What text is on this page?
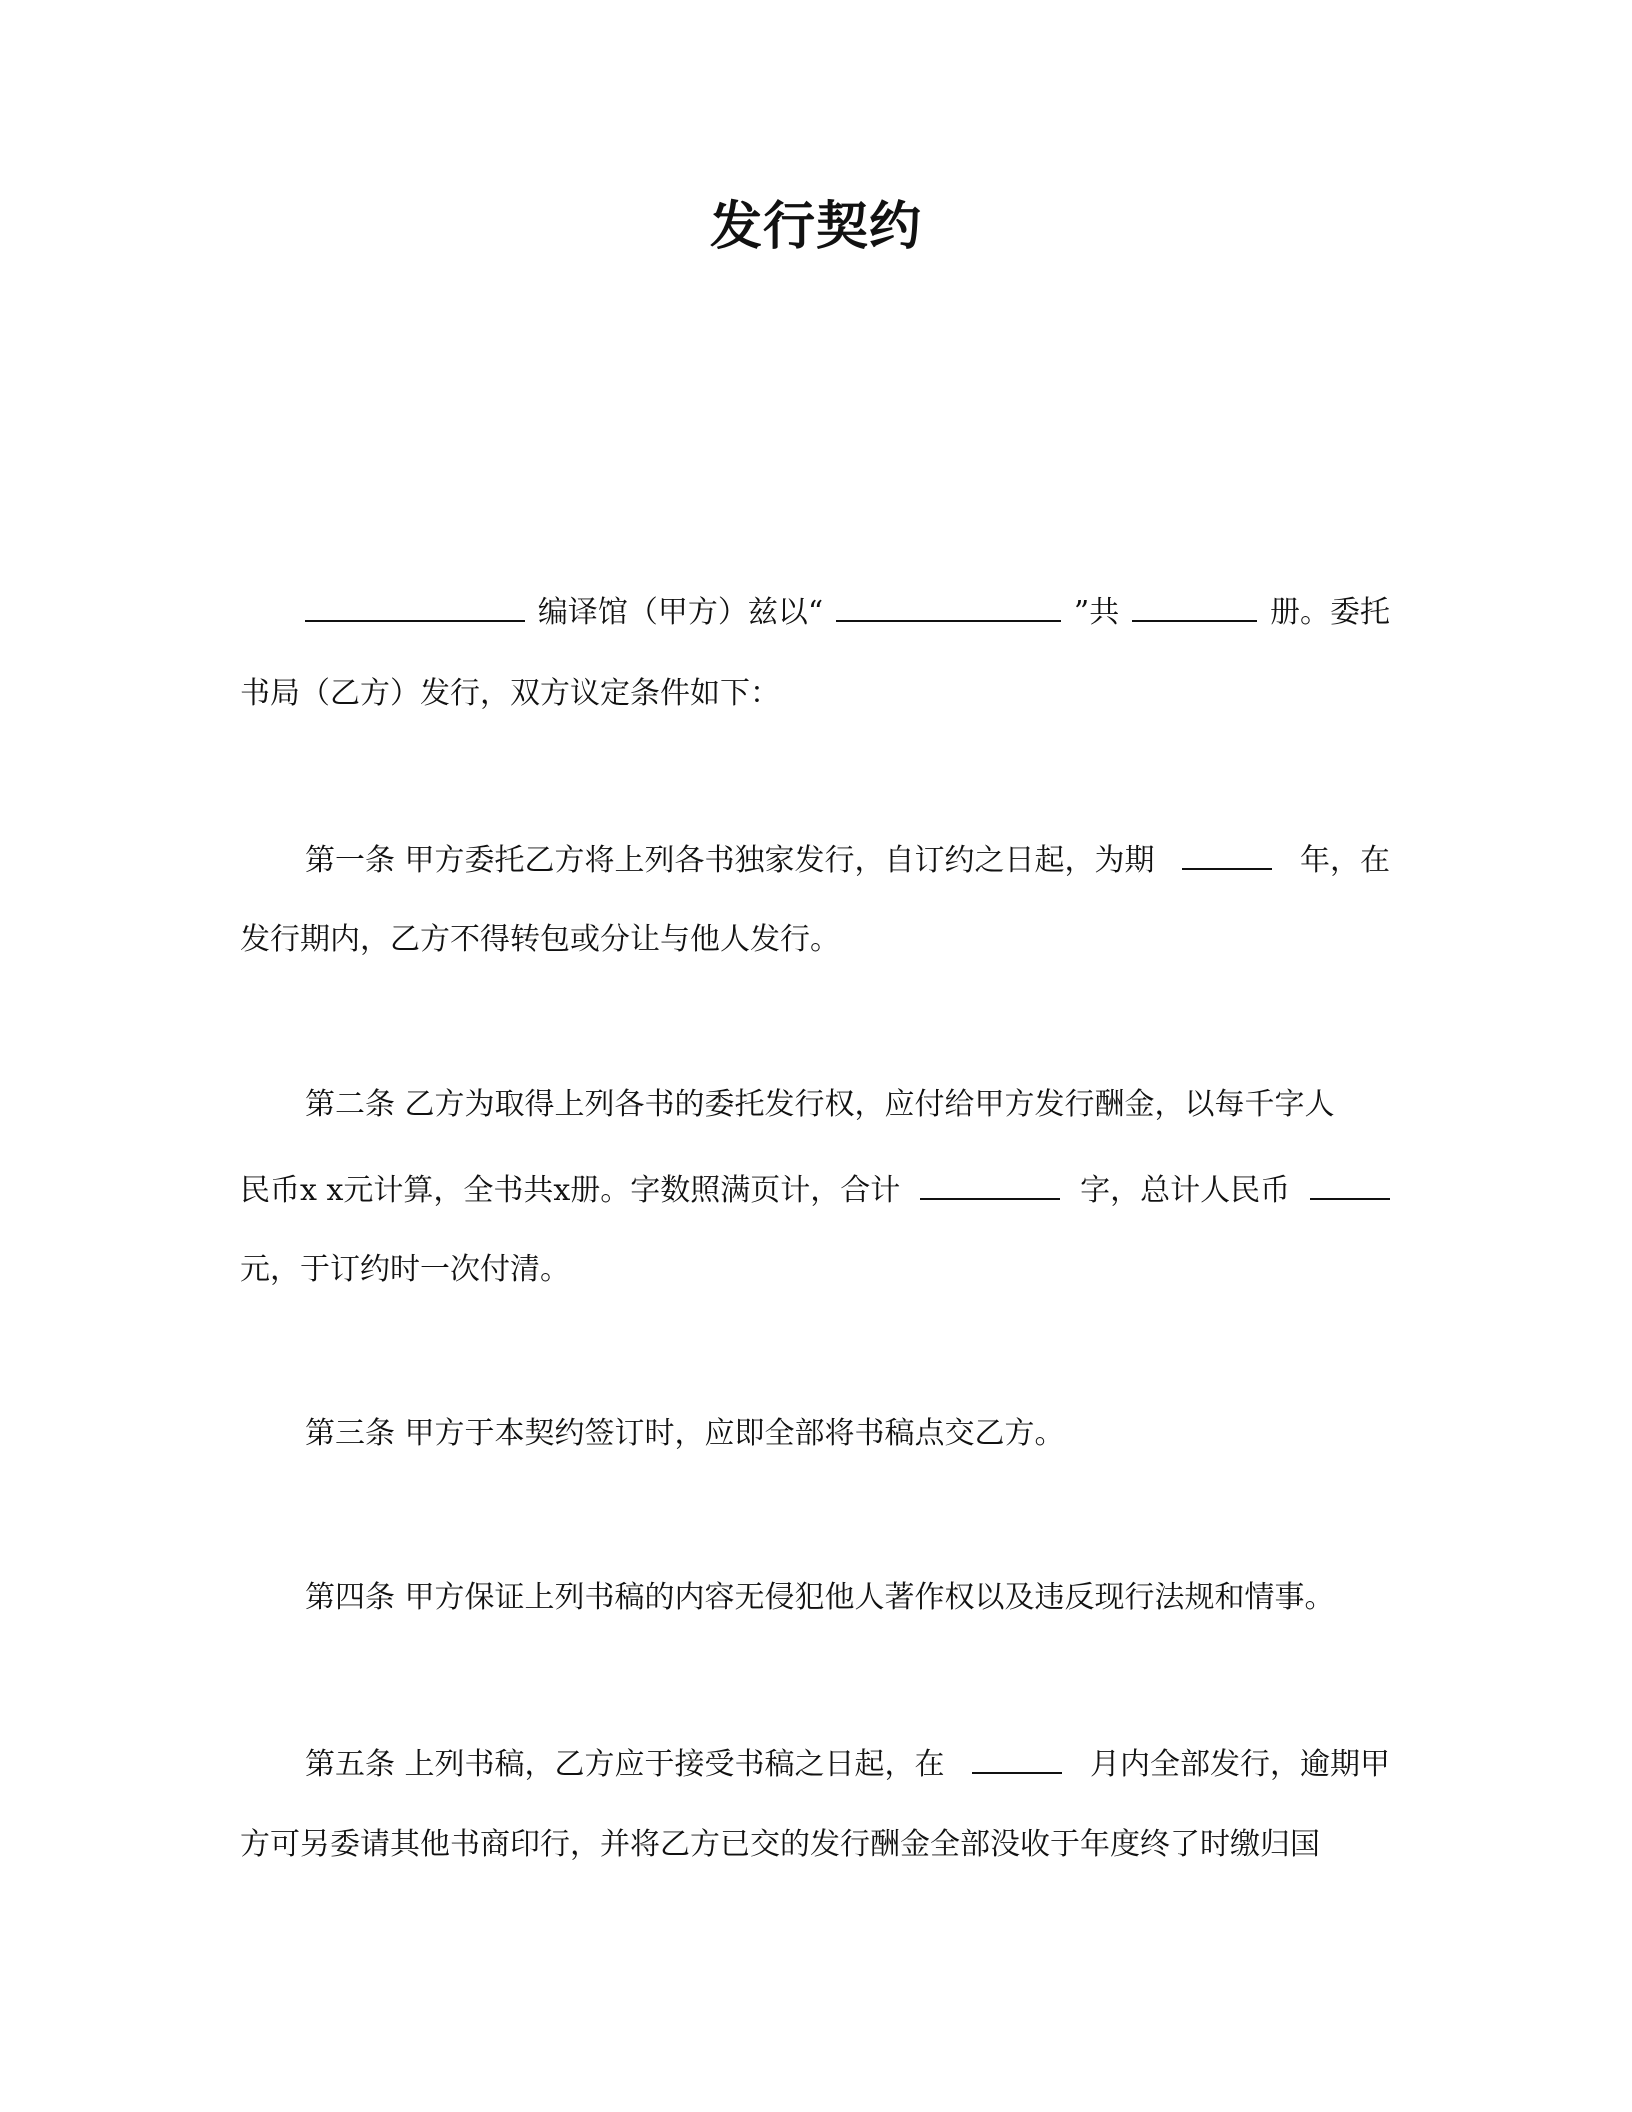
发行契约
编译馆（甲方）兹以“	”共	册。委托
书局（乙方）发行，双方议定条件如下：
第一条 甲方委托乙方将上列各书独家发行，自订约之日起，为期	年，在
发行期内，乙方不得转包或分让与他人发行。
第二条 乙方为取得上列各书的委托发行权，应付给甲方发行酬金，以每千字人
民币x x元计算，全书共x册。字数照满页计，合计	字，总计人民币
元，于订约时一次付清。
第三条 甲方于本契约签订时，应即全部将书稿点交乙方。
第四条 甲方保证上列书稿的内容无侵犯他人著作权以及违反现行法规和情事。
第五条 上列书稿，乙方应于接受书稿之日起，在	月内全部发行，逾期甲
方可另委请其他书商印行，并将乙方已交的发行酬金全部没收于年度终了时缴归国
